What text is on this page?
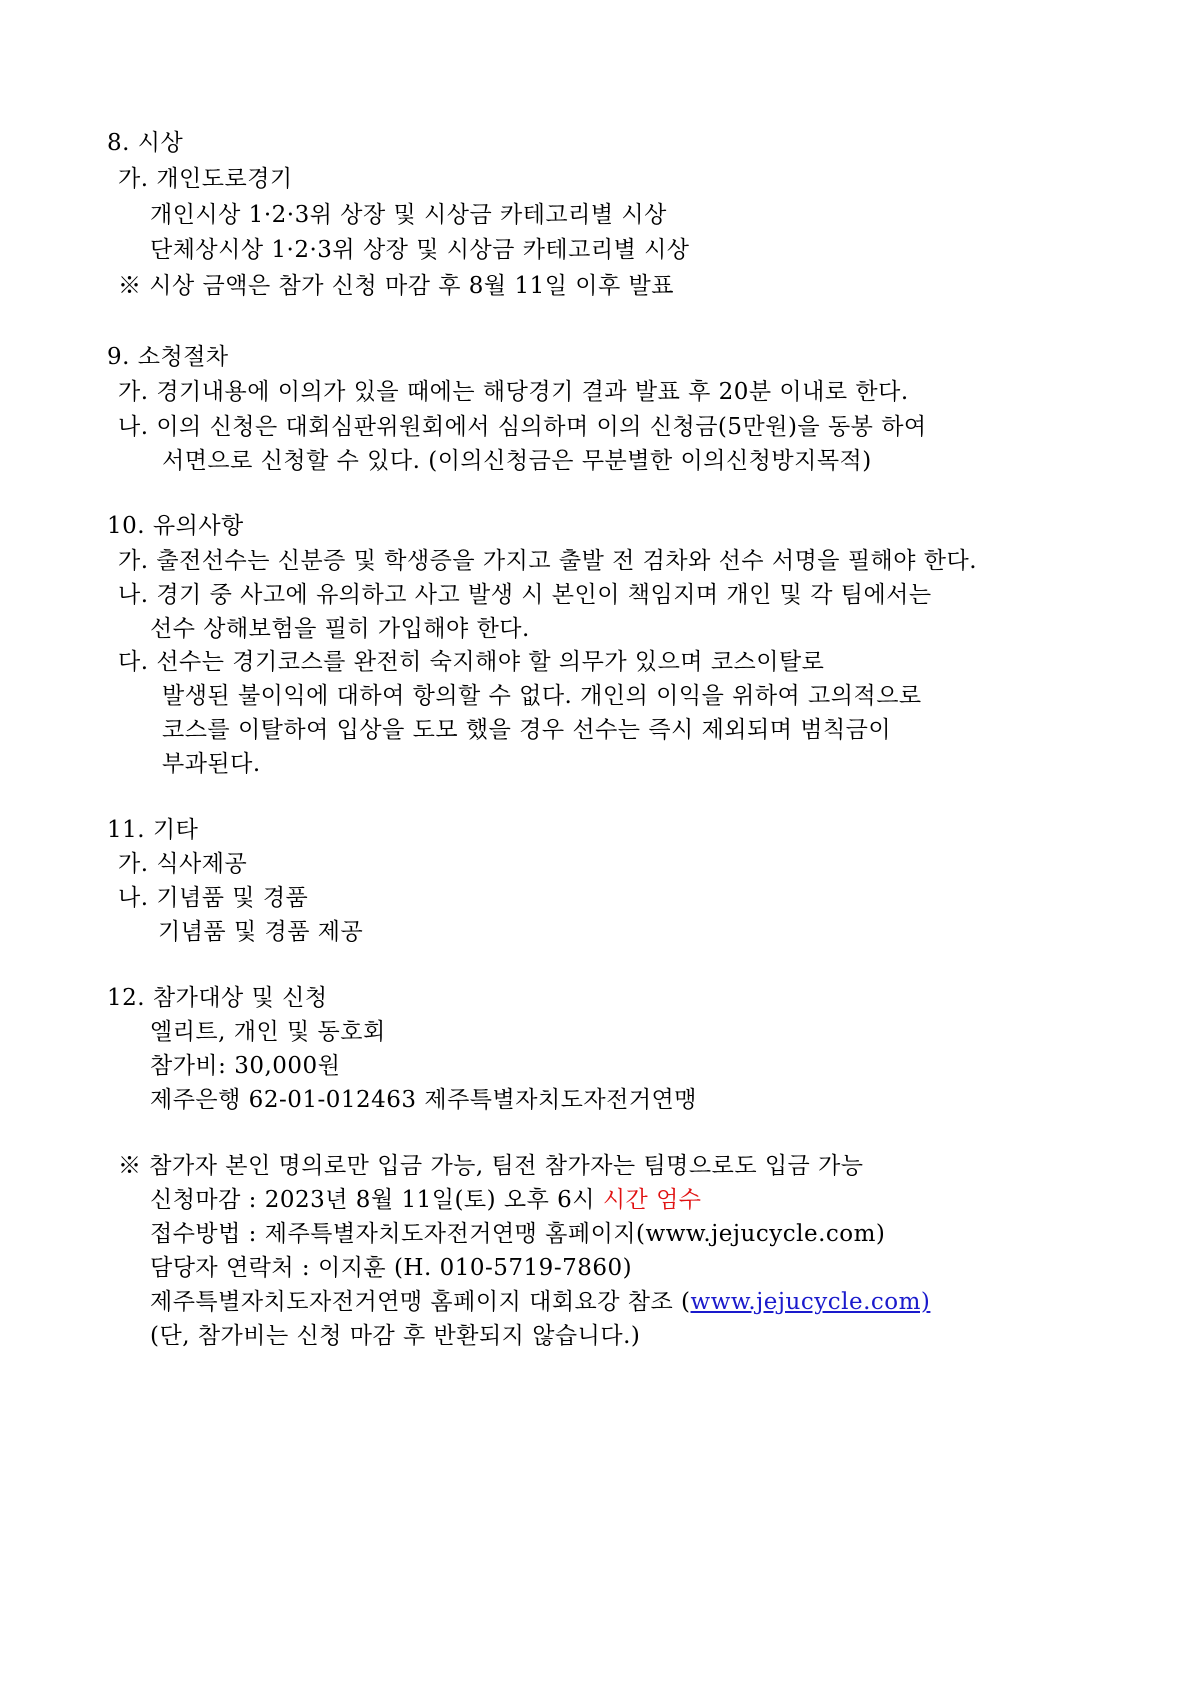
8. 시상
가. 개인도로경기
개인시상 1·2·3위 상장 및 시상금 카테고리별 시상
단체상시상 1·2·3위 상장 및 시상금 카테고리별 시상
※ 시상 금액은 참가 신청 마감 후 8월 11일 이후 발표
9. 소청절차
가. 경기내용에 이의가 있을 때에는 해당경기 결과 발표 후 20분 이내로 한다.
나. 이의 신청은 대회심판위원회에서 심의하며 이의 신청금(5만원)을 동봉 하여
서면으로 신청할 수 있다. (이의신청금은 무분별한 이의신청방지목적)
10. 유의사항
가. 출전선수는 신분증 및 학생증을 가지고 출발 전 검차와 선수 서명을 필해야 한다.
나. 경기 중 사고에 유의하고 사고 발생 시 본인이 책임지며 개인 및 각 팀에서는
선수 상해보험을 필히 가입해야 한다.
다. 선수는 경기코스를 완전히 숙지해야 할 의무가 있으며 코스이탈로
발생된 불이익에 대하여 항의할 수 없다. 개인의 이익을 위하여 고의적으로
코스를 이탈하여 입상을 도모 했을 경우 선수는 즉시 제외되며 범칙금이
부과된다.
11. 기타
가. 식사제공
나. 기념품 및 경품
기념품 및 경품 제공
12. 참가대상 및 신청
엘리트, 개인 및 동호회
참가비: 30,000원
제주은행 62-01-012463 제주특별자치도자전거연맹
※ 참가자 본인 명의로만 입금 가능, 팀전 참가자는 팀명으로도 입금 가능
신청마감 : 2023년 8월 11일(토) 오후 6시 시간 엄수
접수방법 : 제주특별자치도자전거연맹 홈페이지(www.jejucycle.com)
담당자 연락처 : 이지훈 (H. 010-5719-7860)
제주특별자치도자전거연맹 홈페이지 대회요강 참조 (www.jejucycle.com)
(단, 참가비는 신청 마감 후 반환되지 않습니다.)
